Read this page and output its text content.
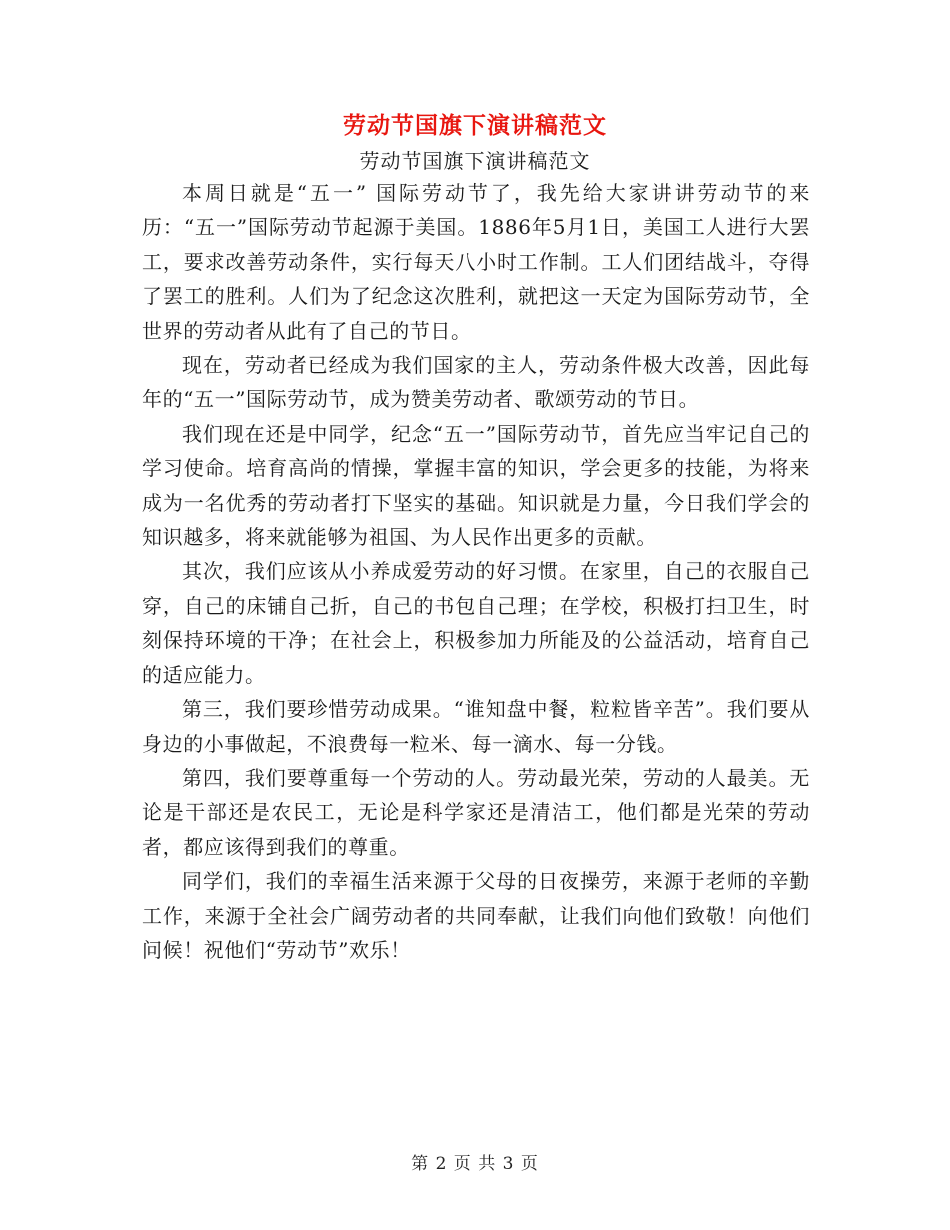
劳动节国旗下演讲稿范文
劳动节国旗下演讲稿范文

本周日就是“五一” 国际劳动节了，我先给大家讲讲劳动节的来历：“五一”国际劳动节起源于美国。1886年5月1日，美国工人进行大罢工，要求改善劳动条件，实行每天八小时工作制。工人们团结战斗，夺得了罢工的胜利。人们为了纪念这次胜利，就把这一天定为国际劳动节，全世界的劳动者从此有了自己的节日。

现在，劳动者已经成为我们国家的主人，劳动条件极大改善，因此每年的“五一”国际劳动节，成为赞美劳动者、歌颂劳动的节日。

我们现在还是中同学，纪念“五一”国际劳动节，首先应当牢记自己的学习使命。培育高尚的情操，掌握丰富的知识，学会更多的技能，为将来成为一名优秀的劳动者打下坚实的基础。知识就是力量，今日我们学会的知识越多，将来就能够为祖国、为人民作出更多的贡献。

其次，我们应该从小养成爱劳动的好习惯。在家里，自己的衣服自己穿，自己的床铺自己折，自己的书包自己理；在学校，积极打扫卫生，时刻保持环境的干净；在社会上，积极参加力所能及的公益活动，培育自己的适应能力。

第三，我们要珍惜劳动成果。“谁知盘中餐，粒粒皆辛苦”。我们要从身边的小事做起，不浪费每一粒米、每一滴水、每一分钱。

第四，我们要尊重每一个劳动的人。劳动最光荣，劳动的人最美。无论是干部还是农民工，无论是科学家还是清洁工，他们都是光荣的劳动者，都应该得到我们的尊重。

同学们，我们的幸福生活来源于父母的日夜操劳，来源于老师的辛勤工作，来源于全社会广阔劳动者的共同奉献，让我们向他们致敬！向他们问候！祝他们“劳动节”欢乐！

第 2 页 共 3 页
